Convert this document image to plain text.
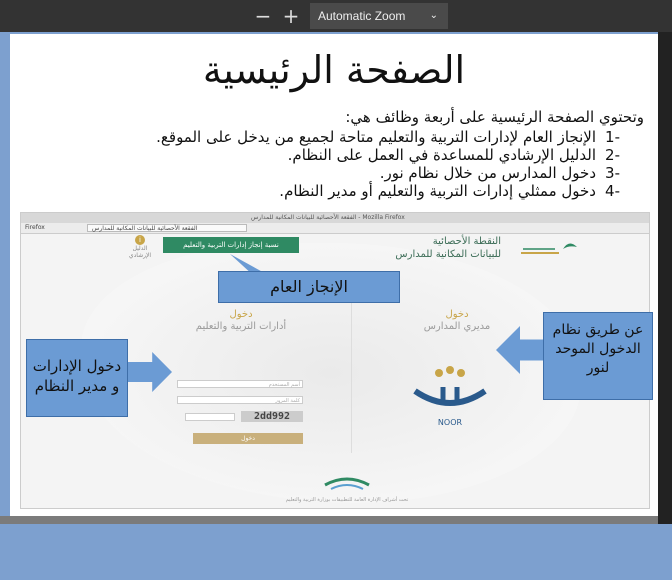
− +	Automatic Zoom ⌄
الصفحة الرئيسية
وتحتوي الصفحة الرئيسية على أربعة وظائف هي:
-1الإنجاز العام لإدارات التربية والتعليم متاحة لجميع من يدخل على الموقع.
-2الدليل الإرشادي للمساعدة في العمل على النظام.
-3دخول المدارس من خلال نظام نور.
-4دخول ممثلي إدارات التربية والتعليم أو مدير النظام.
الفقعة الأحصائية للبيانات المكانية للمدارس - Mozilla Firefox
Firefox	الفقعة الأحصائية للبيانات المكانية للمدارس
نسبة إنجاز إدارات التربية والتعليم
i
الدليل الإرشادي
النقطة الأحصائية
للبيانات المكانية للمدارس
دخول
أدارات التربية والتعليم
دخول
مديري المدارس
أسم المستخدم
كلمة المرور
2dd992
دخول
NOOR
تحت أشراف الإدارة العامة للتطبيقات بوزارة التربية والتعليم
الإنجاز العام
دخول الإدارات و مدير النظام
عن طريق نظام الدخول الموحد لنور
